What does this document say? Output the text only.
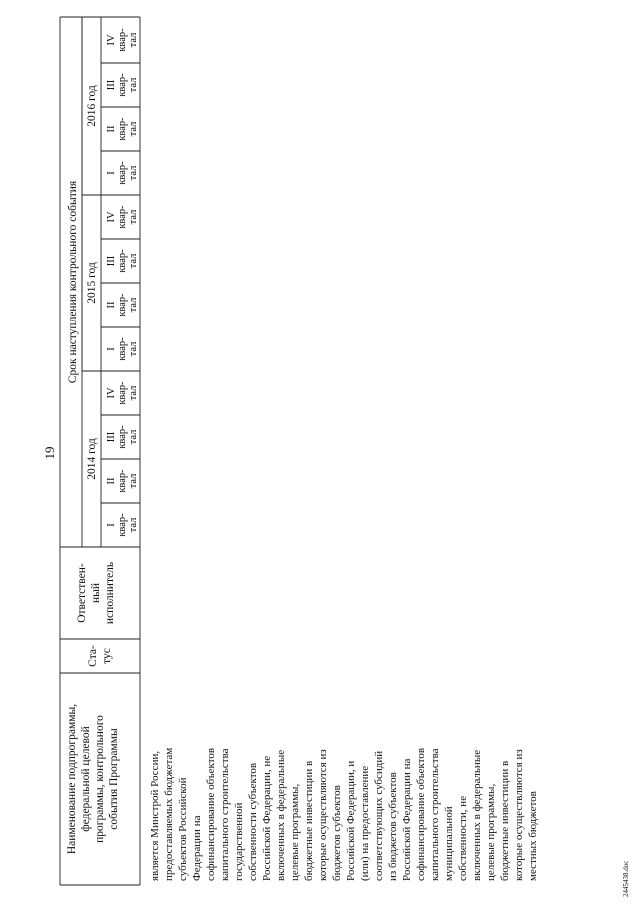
Наименование подпрограммы, федеральной целевой программы, контрольного события Программы
Ста- тус
Ответствен- ный исполнитель
Срок наступления контрольного события
2014 год
2015 год
2016 год
I квар- тал
II квар- тал
III квар- тал
IV квар- тал
I квар- тал
II квар- тал
III квар- тал
IV квар- тал
I квар- тал
II квар- тал
III квар- тал
IV квар- тал
19
является Минстрой России, предоставляемых бюджетам субъектов Российской Федерации на софинансирование объектов капитального строительства государственной собственности субъектов Российской Федерации, не включенных в федеральные целевые программы, бюджетные инвестиции в которые осуществляются из бюджетов субъектов Российской Федерации, и (или) на предоставление соответствующих субсидий из бюджетов субъектов Российской Федерации на софинансирование объектов капитального строительства муниципальной собственности, не включенных в федеральные целевые программы, бюджетные инвестиции в которые осуществляются из местных бюджетов	2445438.doc
